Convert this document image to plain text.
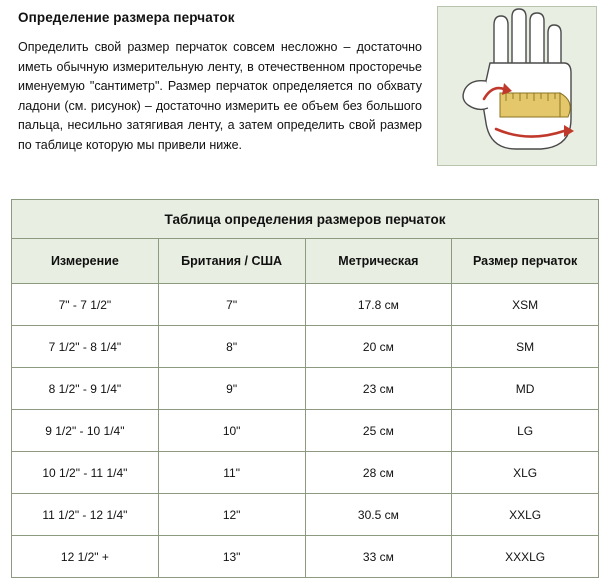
Определение размера перчаток
Определить свой размер перчаток совсем несложно – достаточно иметь обычную измерительную ленту, в отечественном просторечье именуемую "сантиметр". Размер перчаток определяется по обхвату ладони (см. рисунок) – достаточно измерить ее объем без большого пальца, несильно затягивая ленту, а затем определить свой размер по таблице которую мы привели ниже.
Таблица определения размеров перчаток			
Измерение	Британия / США	Метрическая	Размер перчаток
7" - 7 1/2"	7"	17.8 см	XSM
7 1/2" - 8 1/4"	8"	20 см	SM
8 1/2" - 9 1/4"	9"	23 см	MD
9 1/2" - 10 1/4"	10"	25 см	LG
10 1/2" - 11 1/4"	11"	28 см	XLG
11 1/2" - 12 1/4"	12"	30.5 см	XXLG
12 1/2" +	13"	33 см	XXXLG
